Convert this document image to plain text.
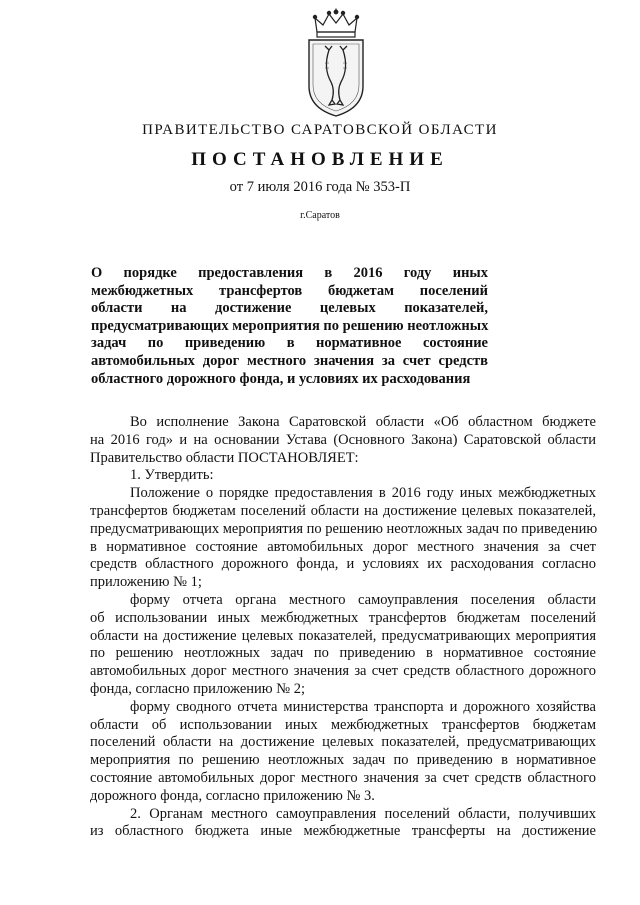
ПРАВИТЕЛЬСТВО САРАТОВСКОЙ ОБЛАСТИ
ПОСТАНОВЛЕНИЕ
от 7 июля 2016 года № 353-П
г.Саратов
О порядке предоставления в 2016 году иных
межбюджетных трансфертов бюджетам поселений
области на достижение целевых показателей,
предусматривающих мероприятия по решению неотложных
задач по приведению в нормативное состояние
автомобильных дорог местного значения за счет средств
областного дорожного фонда, и условиях их расходования
Во исполнение Закона Саратовской области «Об областном бюджете
на 2016 год» и на основании Устава (Основного Закона) Саратовской области
Правительство области ПОСТАНОВЛЯЕТ:
1. Утвердить:
Положение о порядке предоставления в 2016 году иных межбюджетных
трансфертов бюджетам поселений области на достижение целевых показателей,
предусматривающих мероприятия по решению неотложных задач по приведению
в нормативное состояние автомобильных дорог местного значения за счет
средств областного дорожного фонда, и условиях их расходования согласно
приложению № 1;
форму отчета органа местного самоуправления поселения области
об использовании иных межбюджетных трансфертов бюджетам поселений
области на достижение целевых показателей, предусматривающих мероприятия
по решению неотложных задач по приведению в нормативное состояние
автомобильных дорог местного значения за счет средств областного дорожного
фонда, согласно приложению № 2;
форму сводного отчета министерства транспорта и дорожного хозяйства
области об использовании иных межбюджетных трансфертов бюджетам
поселений области на достижение целевых показателей, предусматривающих
мероприятия по решению неотложных задач по приведению в нормативное
состояние автомобильных дорог местного значения за счет средств областного
дорожного фонда, согласно приложению № 3.
2. Органам местного самоуправления поселений области, получивших
из областного бюджета иные межбюджетные трансферты на достижение
